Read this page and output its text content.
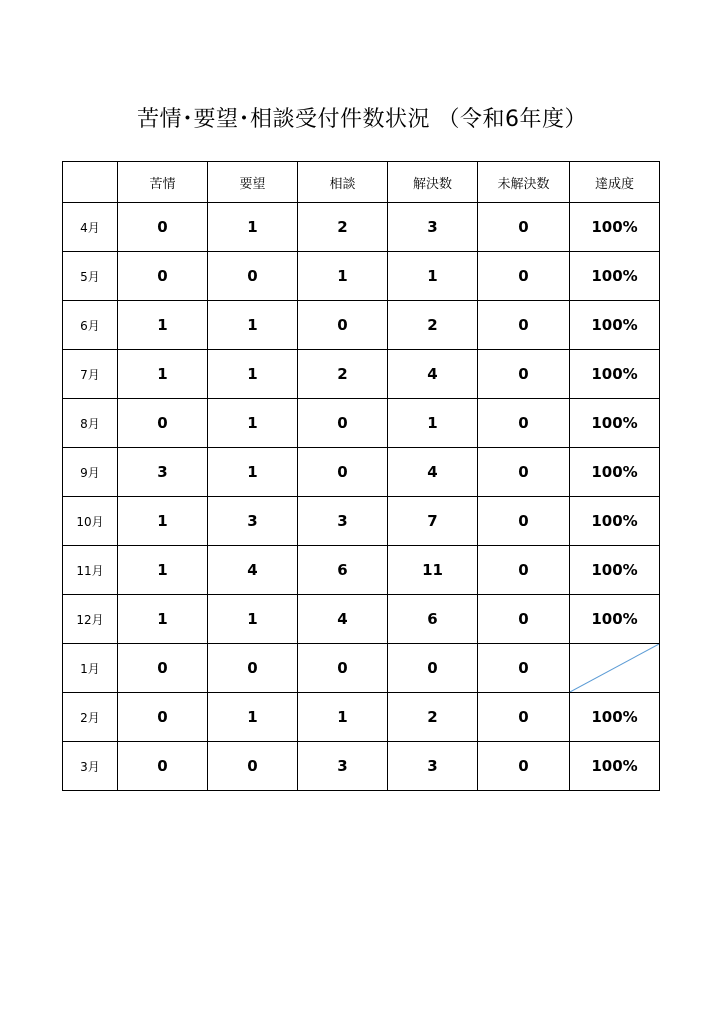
苦情･要望･相談受付件数状況 （令和6年度）
	苦情	要望	相談	解決数	未解決数	達成度
4月	0	1	2	3	0	100%
5月	0	0	1	1	0	100%
6月	1	1	0	2	0	100%
7月	1	1	2	4	0	100%
8月	0	1	0	1	0	100%
9月	3	1	0	4	0	100%
10月	1	3	3	7	0	100%
11月	1	4	6	11	0	100%
12月	1	1	4	6	0	100%
1月	0	0	0	0	0	

2月	0	1	1	2	0	100%
3月	0	0	3	3	0	100%
